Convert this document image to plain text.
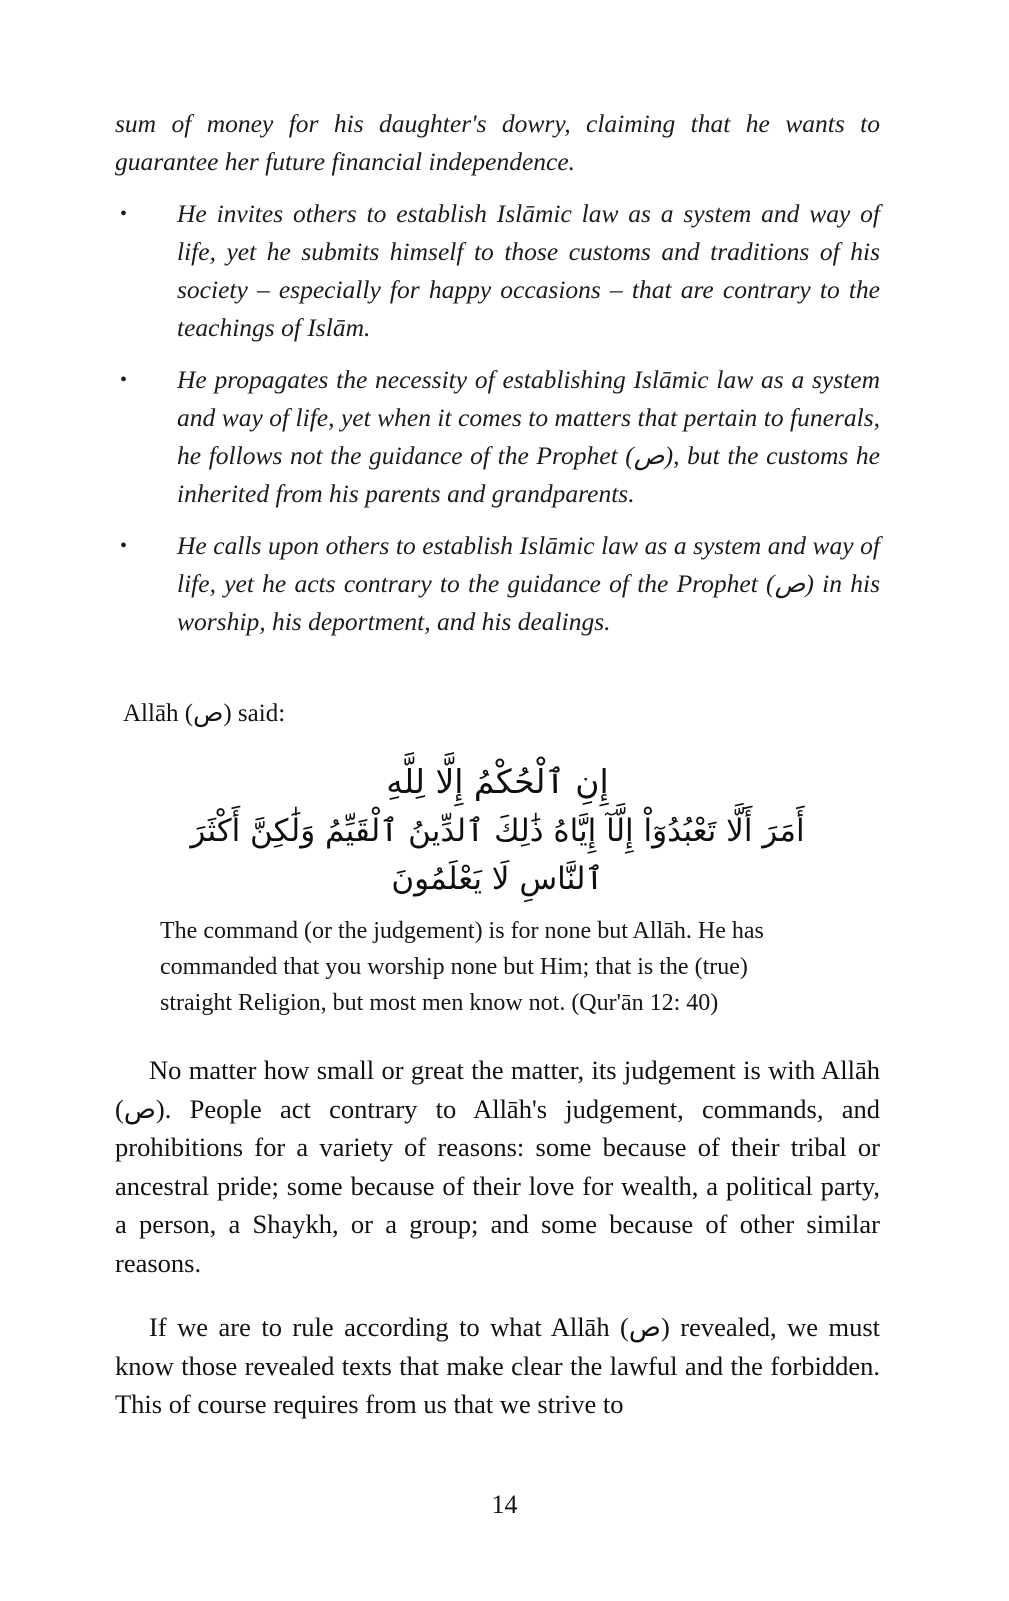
sum of money for his daughter's dowry, claiming that he wants to guarantee her future financial independence.

• He invites others to establish Islāmic law as a system and way of life, yet he submits himself to those customs and traditions of his society – especially for happy occasions – that are contrary to the teachings of Islām.

• He propagates the necessity of establishing Islāmic law as a system and way of life, yet when it comes to matters that pertain to funerals, he follows not the guidance of the Prophet (ص), but the customs he inherited from his parents and grandparents.

• He calls upon others to establish Islāmic law as a system and way of life, yet he acts contrary to the guidance of the Prophet (ص) in his worship, his deportment, and his dealings.

Allāh (ص) said:

إِنِ ٱلْحُكْمُ إِلَّا لِلَّهِ
أَمَرَ أَلَّا تَعْبُدُوٓاْ إِلَّآ إِيَّاهُ ذَٰلِكَ ٱلدِّينُ ٱلْقَيِّمُ وَلَٰكِنَّ أَكْثَرَ
ٱلنَّاسِ لَا يَعْلَمُونَ

The command (or the judgement) is for none but Allāh. He has commanded that you worship none but Him; that is the (true) straight Religion, but most men know not. (Qur'ān 12: 40)

No matter how small or great the matter, its judgement is with Allāh (ص). People act contrary to Allāh's judgement, commands, and prohibitions for a variety of reasons: some because of their tribal or ancestral pride; some because of their love for wealth, a political party, a person, a Shaykh, or a group; and some because of other similar reasons.

If we are to rule according to what Allāh (ص) revealed, we must know those revealed texts that make clear the lawful and the forbidden. This of course requires from us that we strive to

14
